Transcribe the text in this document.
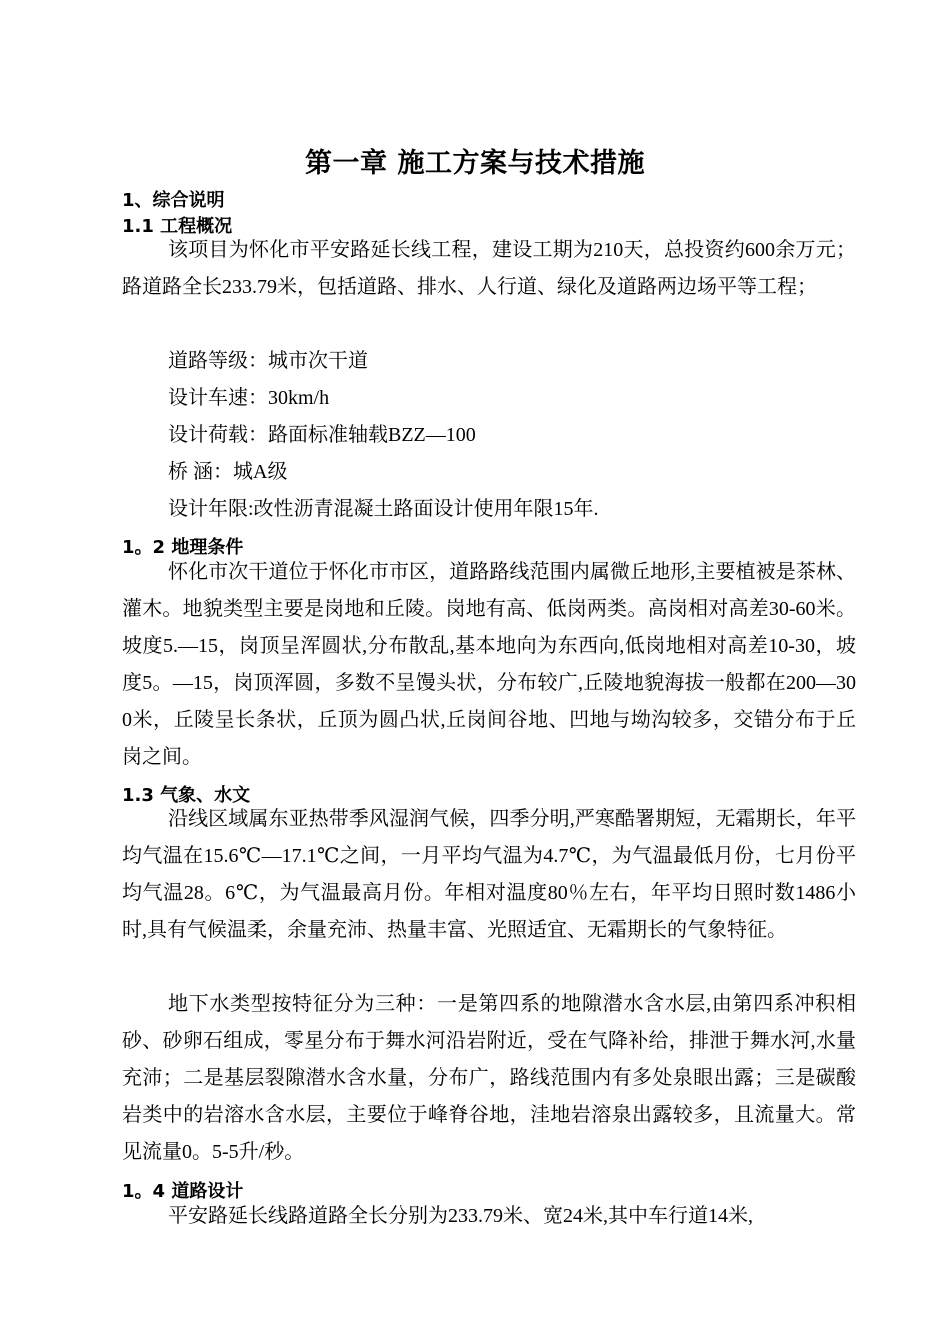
第一章 施工方案与技术措施
1、综合说明
1.1 工程概况
该项目为怀化市平安路延长线工程，建设工期为210天，总投资约600余万元；路道路全长233.79米，包括道路、排水、人行道、绿化及道路两边场平等工程；
道路等级：城市次干道
设计车速：30km/h
设计荷载：路面标准轴载BZZ—100
桥 涵：城A级
设计年限:改性沥青混凝土路面设计使用年限15年.
1。2 地理条件
怀化市次干道位于怀化市市区，道路路线范围内属微丘地形,主要植被是茶林、灌木。地貌类型主要是岗地和丘陵。岗地有高、低岗两类。高岗相对高差30-60米。坡度5.—15，岗顶呈浑圆状,分布散乱,基本地向为东西向,低岗地相对高差10-30，坡度5。—15，岗顶浑圆，多数不呈馒头状，分布较广,丘陵地貌海拔一般都在200—300米，丘陵呈长条状，丘顶为圆凸状,丘岗间谷地、凹地与坳沟较多，交错分布于丘岗之间。
1.3 气象、水文
沿线区域属东亚热带季风湿润气候，四季分明,严寒酷署期短，无霜期长，年平均气温在15.6℃—17.1℃之间，一月平均气温为4.7℃，为气温最低月份，七月份平均气温28。6℃，为气温最高月份。年相对温度80％左右，年平均日照时数1486小时,具有气候温柔，余量充沛、热量丰富、光照适宜、无霜期长的气象特征。
地下水类型按特征分为三种：一是第四系的地隙潜水含水层,由第四系冲积相砂、砂卵石组成，零星分布于舞水河沿岩附近，受在气降补给，排泄于舞水河,水量充沛；二是基层裂隙潜水含水量，分布广，路线范围内有多处泉眼出露；三是碳酸岩类中的岩溶水含水层，主要位于峰脊谷地，洼地岩溶泉出露较多，且流量大。常见流量0。5-5升/秒。
1。4 道路设计
平安路延长线路道路全长分别为233.79米、宽24米,其中车行道14米,
